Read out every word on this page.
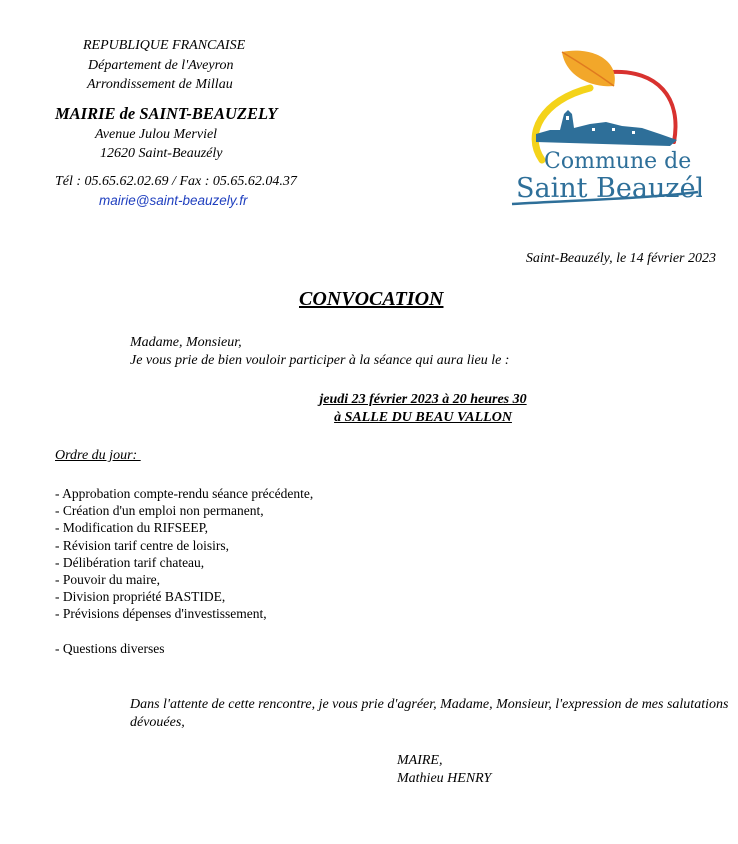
REPUBLIQUE FRANCAISE
Département de l'Aveyron
Arrondissement de Millau
MAIRIE de SAINT-BEAUZELY
Avenue Julou Merviel
12620 Saint-Beauzély
Tél : 05.65.62.02.69 / Fax : 05.65.62.04.37
mairie@saint-beauzely.fr
Commune de
Saint Beauzély
Saint-Beauzély, le 14 février 2023
CONVOCATION
Madame, Monsieur,
Je vous prie de bien vouloir participer à la séance qui aura lieu le :
jeudi 23 février 2023 à 20 heures 30
à SALLE DU BEAU VALLON
Ordre du jour:
- Approbation compte-rendu séance précédente,
- Création d'un emploi non permanent,
- Modification du RIFSEEP,
- Révision tarif centre de loisirs,
- Délibération tarif chateau,
- Pouvoir du maire,
- Division propriété BASTIDE,
- Prévisions dépenses d'investissement,
- Questions diverses
Dans l'attente de cette rencontre, je vous prie d'agréer, Madame, Monsieur, l'expression de mes salutations dévouées,
MAIRE,
Mathieu HENRY
